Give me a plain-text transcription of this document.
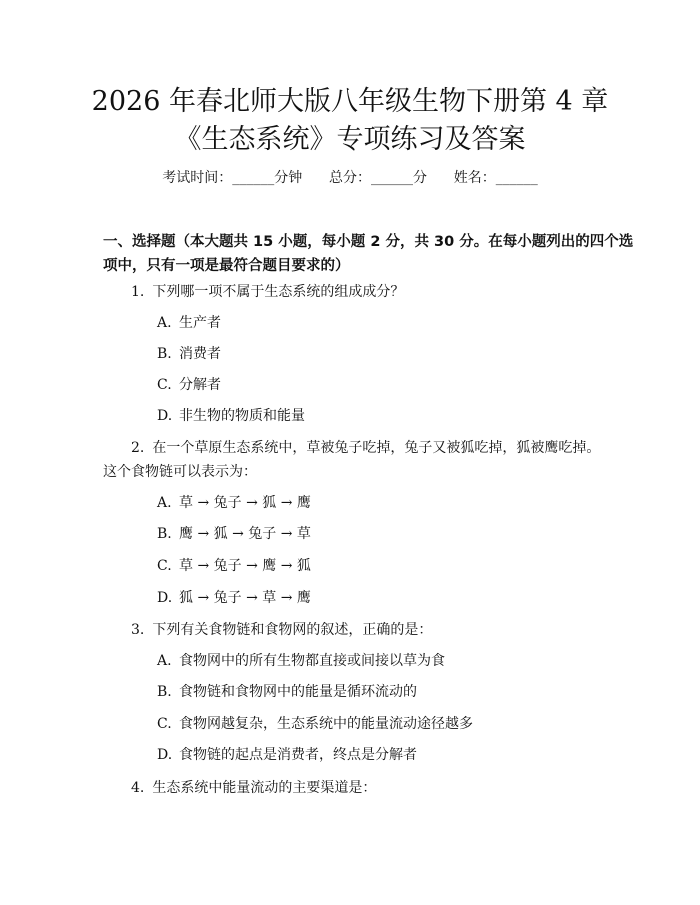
2026 年春北师大版八年级生物下册第 4 章
《生态系统》专项练习及答案
考试时间：______分钟      总分：______分      姓名：______
一、选择题（本大题共 15 小题，每小题 2 分，共 30 分。在每小题列出的四个选
项中，只有一项是最符合题目要求的）
1. 下列哪一项不属于生态系统的组成成分？
A. 生产者
B. 消费者
C. 分解者
D. 非生物的物质和能量
2. 在一个草原生态系统中，草被兔子吃掉，兔子又被狐吃掉，狐被鹰吃掉。
这个食物链可以表示为：
A. 草 → 兔子 → 狐 → 鹰
B. 鹰 → 狐 → 兔子 → 草
C. 草 → 兔子 → 鹰 → 狐
D. 狐 → 兔子 → 草 → 鹰
3. 下列有关食物链和食物网的叙述，正确的是：
A. 食物网中的所有生物都直接或间接以草为食
B. 食物链和食物网中的能量是循环流动的
C. 食物网越复杂，生态系统中的能量流动途径越多
D. 食物链的起点是消费者，终点是分解者
4. 生态系统中能量流动的主要渠道是：
